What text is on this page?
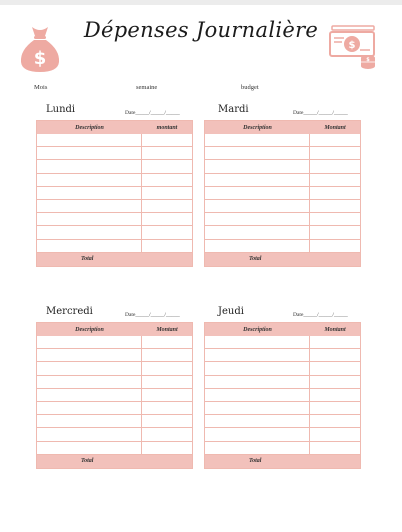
$
$
$
Dépenses Journalière
Mois	semaine	budget
Lundi	Date_____/_____/_____
Description	montant
Total
Mardi	Date_____/_____/_____
Description	Montant
Total
Mercredi	Date_____/_____/_____
Description	Montant
Total
Jeudi	Date_____/_____/_____
Description	Montant
Total
